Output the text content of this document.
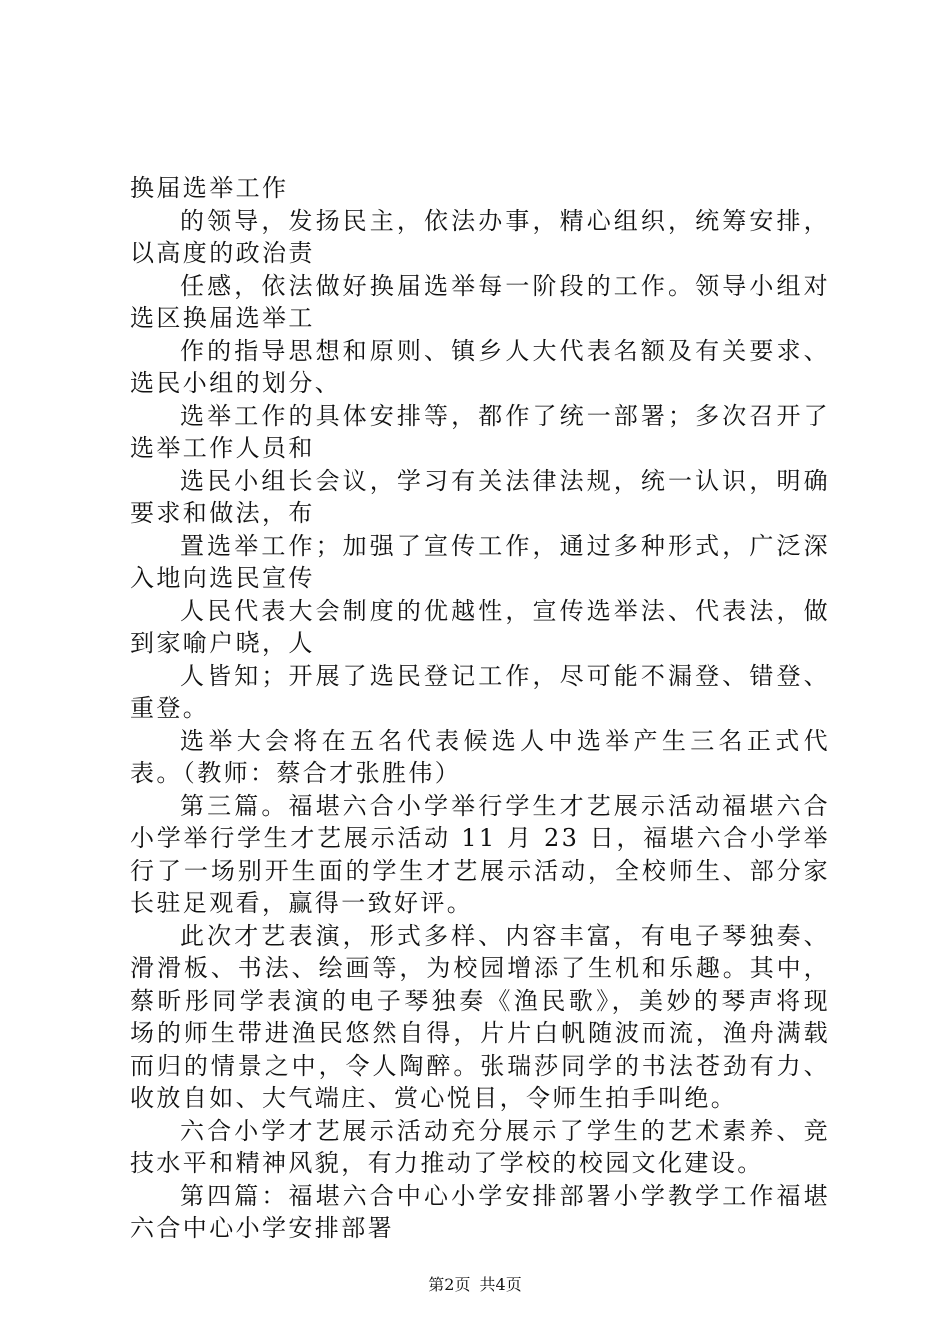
换届选举工作

的领导，发扬民主，依法办事，精心组织，统筹安排，以高度的政治责

任感，依法做好换届选举每一阶段的工作。领导小组对选区换届选举工

作的指导思想和原则、镇乡人大代表名额及有关要求、选民小组的划分、

选举工作的具体安排等，都作了统一部署；多次召开了选举工作人员和

选民小组长会议，学习有关法律法规，统一认识，明确要求和做法，布

置选举工作；加强了宣传工作，通过多种形式，广泛深入地向选民宣传

人民代表大会制度的优越性，宣传选举法、代表法，做到家喻户晓，人

人皆知；开展了选民登记工作，尽可能不漏登、错登、重登。

选举大会将在五名代表候选人中选举产生三名正式代表。（教师：蔡合才张胜伟）

第三篇。福堪六合小学举行学生才艺展示活动福堪六合小学举行学生才艺展示活动 11 月 23 日，福堪六合小学举行了一场别开生面的学生才艺展示活动，全校师生、部分家长驻足观看，赢得一致好评。

此次才艺表演，形式多样、内容丰富，有电子琴独奏、滑滑板、书法、绘画等，为校园增添了生机和乐趣。其中，蔡昕彤同学表演的电子琴独奏《渔民歌》，美妙的琴声将现场的师生带进渔民悠然自得，片片白帆随波而流，渔舟满载而归的情景之中，令人陶醉。张瑞莎同学的书法苍劲有力、收放自如、大气端庄、赏心悦目，令师生拍手叫绝。

六合小学才艺展示活动充分展示了学生的艺术素养、竞技水平和精神风貌，有力推动了学校的校园文化建设。

第四篇：福堪六合中心小学安排部署小学教学工作福堪六合中心小学安排部署

第2页 共4页
